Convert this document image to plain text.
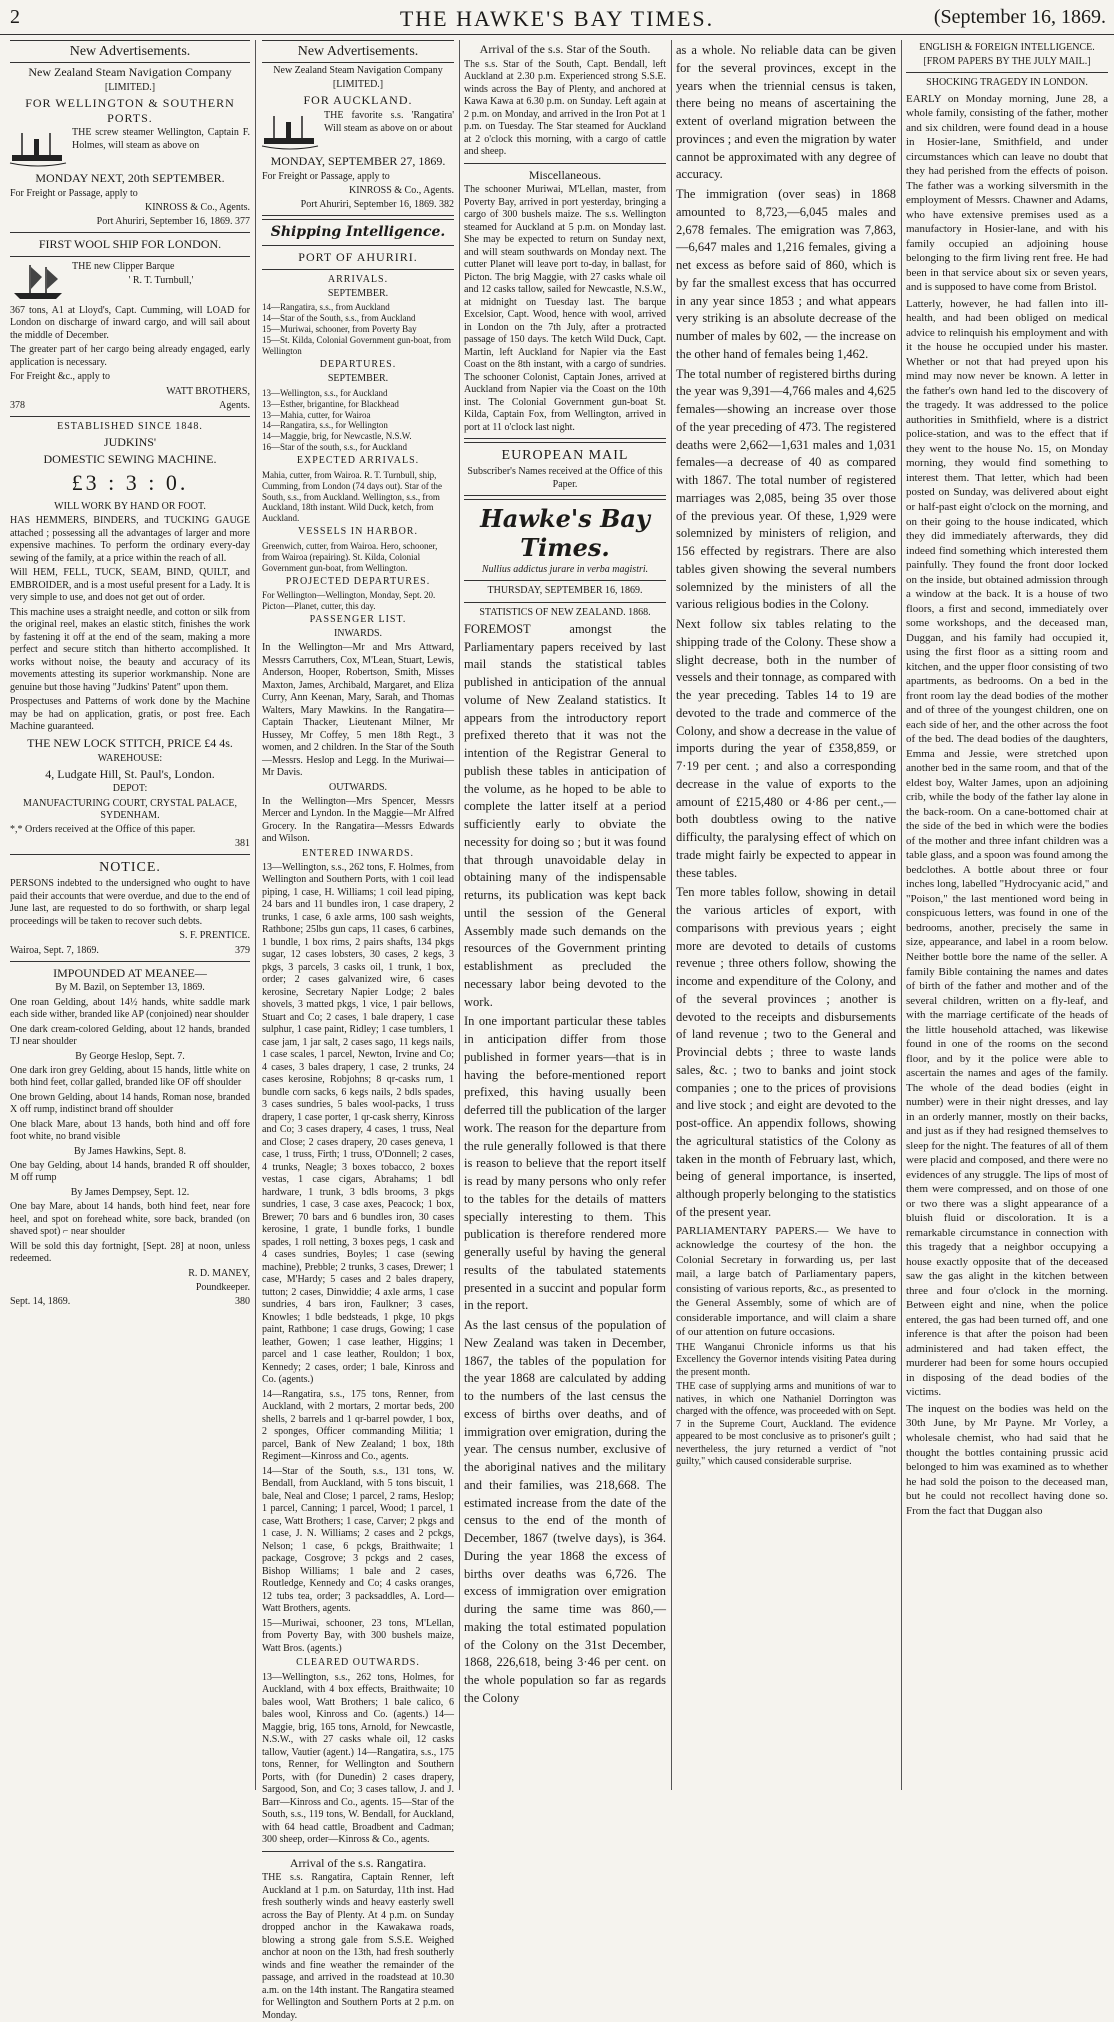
2	THE HAWKE'S BAY TIMES.	(September 16, 1869.
New Advertisements.
New Zealand Steam Navigation Company
[LIMITED.]
FOR WELLINGTON & SOUTHERN PORTS.

THE screw steamer Wellington, Captain F. Holmes, will steam as above on

MONDAY NEXT, 20th SEPTEMBER.

For Freight or Passage, apply to

KINROSS & Co., Agents.

Port Ahuriri, September 16, 1869. 377

FIRST WOOL SHIP FOR LONDON.

THE new Clipper Barque

' R. T. Turnbull,'

367 tons, A1 at Lloyd's, Capt. Cumming, will LOAD for London on discharge of inward cargo, and will sail about the middle of December.

The greater part of her cargo being already engaged, early application is necessary.

For Freight &c., apply to

WATT BROTHERS,

378	Agents.

ESTABLISHED SINCE 1848.
JUDKINS'
DOMESTIC SEWING MACHINE.
£3 : 3 : 0.
WILL WORK BY HAND OR FOOT.

HAS HEMMERS, BINDERS, and TUCKING GAUGE attached ; possessing all the advantages of larger and more expensive machines. To perform the ordinary every-day sewing of the family, at a price within the reach of all.

Will HEM, FELL, TUCK, SEAM, BIND, QUILT, and EMBROIDER, and is a most useful present for a Lady. It is very simple to use, and does not get out of order.

This machine uses a straight needle, and cotton or silk from the original reel, makes an elastic stitch, finishes the work by fastening it off at the end of the seam, making a more perfect and secure stitch than hitherto accomplished. It works without noise, the beauty and accuracy of its movements attesting its superior workmanship. None are genuine but those having "Judkins' Patent" upon them.

Prospectuses and Patterns of work done by the Machine may be had on application, gratis, or post free. Each Machine guaranteed.

THE NEW LOCK STITCH, PRICE £4 4s.
WAREHOUSE:
4, Ludgate Hill, St. Paul's, London.
DEPOT:
MANUFACTURING COURT, CRYSTAL PALACE, SYDENHAM.

*,* Orders received at the Office of this paper.

381

NOTICE.

PERSONS indebted to the undersigned who ought to have paid their accounts that were overdue, and due to the end of June last, are requested to do so forthwith, or sharp legal proceedings will be taken to recover such debts.

S. F. PRENTICE.

Wairoa, Sept. 7, 1869.	379

IMPOUNDED AT MEANEE—

By M. Bazil, on September 13, 1869.

One roan Gelding, about 14½ hands, white saddle mark each side wither, branded like AP (conjoined) near shoulder

One dark cream-colored Gelding, about 12 hands, branded TJ near shoulder

By George Heslop, Sept. 7.

One dark iron grey Gelding, about 15 hands, little white on both hind feet, collar galled, branded like OF off shoulder

One brown Gelding, about 14 hands, Roman nose, branded X off rump, indistinct brand off shoulder

One black Mare, about 13 hands, both hind and off fore foot white, no brand visible

By James Hawkins, Sept. 8.

One bay Gelding, about 14 hands, branded R off shoulder, M off rump

By James Dempsey, Sept. 12.

One bay Mare, about 14 hands, both hind feet, near fore heel, and spot on forehead white, sore back, branded (on shaved spot) ⌐ near shoulder

Will be sold this day fortnight, [Sept. 28] at noon, unless redeemed.

R. D. MANEY,

Poundkeeper.

Sept. 14, 1869.	380

New Advertisements.
New Zealand Steam Navigation Company
[LIMITED.]
FOR AUCKLAND.

THE favorite s.s. 'Rangatira' Will steam as above on or about

MONDAY, SEPTEMBER 27, 1869.

For Freight or Passage, apply to

KINROSS & Co., Agents.

Port Ahuriri, September 16, 1869. 382

Shipping Intelligence.
PORT OF AHURIRI.
ARRIVALS.
SEPTEMBER.
14—Rangatira, s.s., from Auckland
14—Star of the South, s.s., from Auckland
15—Muriwai, schooner, from Poverty Bay
15—St. Kilda, Colonial Government gun-boat, from Wellington
DEPARTURES.
SEPTEMBER.
13—Wellington, s.s., for Auckland
13—Esther, brigantine, for Blackhead
13—Mahia, cutter, for Wairoa
14—Rangatira, s.s., for Wellington
14—Maggie, brig, for Newcastle, N.S.W.
16—Star of the south, s.s., for Auckland
EXPECTED ARRIVALS.

Mahia, cutter, from Wairoa. R. T. Turnbull, ship, Cumming, from London (74 days out). Star of the South, s.s., from Auckland. Wellington, s.s., from Auckland, 18th instant. Wild Duck, ketch, from Auckland.

VESSELS IN HARBOR.

Greenwich, cutter, from Wairoa. Hero, schooner, from Wairoa (repairing). St. Kilda, Colonial Government gun-boat, from Wellington.

PROJECTED DEPARTURES.

For Wellington—Wellington, Monday, Sept. 20. Picton—Planet, cutter, this day.

PASSENGER LIST.
INWARDS.

In the Wellington—Mr and Mrs Attward, Messrs Carruthers, Cox, M'Lean, Stuart, Lewis, Anderson, Hooper, Robertson, Smith, Misses Maxton, James, Archibald, Margaret, and Eliza Curry, Ann Keenan, Mary, Sarah, and Thomas Walters, Mary Mawkins. In the Rangatira—Captain Thacker, Lieutenant Milner, Mr Hussey, Mr Coffey, 5 men 18th Regt., 3 women, and 2 children. In the Star of the South—Messrs. Heslop and Legg. In the Muriwai—Mr Davis.

OUTWARDS.

In the Wellington—Mrs Spencer, Messrs Mercer and Lyndon. In the Maggie—Mr Alfred Grocery. In the Rangatira—Messrs Edwards and Wilson.

ENTERED INWARDS.

13—Wellington, s.s., 262 tons, F. Holmes, from Wellington and Southern Ports, with 1 coil lead piping, 1 case, H. Williams; 1 coil lead piping, 24 bars and 11 bundles iron, 1 case drapery, 2 trunks, 1 case, 6 axle arms, 100 sash weights, Rathbone; 25lbs gun caps, 11 cases, 6 carbines, 1 bundle, 1 box rims, 2 pairs shafts, 134 pkgs sugar, 12 cases lobsters, 30 cases, 2 kegs, 3 pkgs, 3 parcels, 3 casks oil, 1 trunk, 1 box, order; 2 cases galvanized wire, 6 cases kerosine, Secretary Napier Lodge; 2 bales shovels, 3 matted pkgs, 1 vice, 1 pair bellows, Stuart and Co; 2 cases, 1 bale drapery, 1 case sulphur, 1 case paint, Ridley; 1 case tumblers, 1 case jam, 1 jar salt, 2 cases sago, 11 kegs nails, 1 case scales, 1 parcel, Newton, Irvine and Co; 4 cases, 3 bales drapery, 1 case, 2 trunks, 24 cases kerosine, Robjohns; 8 qr-casks rum, 1 bundle corn sacks, 6 kegs nails, 2 bdls spades, 3 cases sundries, 5 bales wool-packs, 1 truss drapery, 1 case porter, 1 qr-cask sherry, Kinross and Co; 3 cases drapery, 4 cases, 1 truss, Neal and Close; 2 cases drapery, 20 cases geneva, 1 case, 1 truss, Firth; 1 truss, O'Donnell; 2 cases, 4 trunks, Neagle; 3 boxes tobacco, 2 boxes vestas, 1 case cigars, Abrahams; 1 bdl hardware, 1 trunk, 3 bdls brooms, 3 pkgs sundries, 1 case, 3 case axes, Peacock; 1 box, Brewer; 70 bars and 6 bundles iron, 30 cases kerosine, 1 grate, 1 bundle forks, 1 bundle spades, 1 roll netting, 3 boxes pegs, 1 cask and 4 cases sundries, Boyles; 1 case (sewing machine), Prebble; 2 trunks, 3 cases, Drewer; 1 case, M'Hardy; 5 cases and 2 bales drapery, tutton; 2 cases, Dinwiddie; 4 axle arms, 1 case sundries, 4 bars iron, Faulkner; 3 cases, Knowles; 1 bdle bedsteads, 1 pkge, 10 pkgs paint, Rathbone; 1 case drugs, Gowing; 1 case leather, Gowen; 1 case leather, Higgins; 1 parcel and 1 case leather, Rouldon; 1 box, Kennedy; 2 cases, order; 1 bale, Kinross and Co. (agents.)

14—Rangatira, s.s., 175 tons, Renner, from Auckland, with 2 mortars, 2 mortar beds, 200 shells, 2 barrels and 1 qr-barrel powder, 1 box, 2 sponges, Officer commanding Militia; 1 parcel, Bank of New Zealand; 1 box, 18th Regiment—Kinross and Co., agents.

14—Star of the South, s.s., 131 tons, W. Bendall, from Auckland, with 5 tons biscuit, 1 bale, Neal and Close; 1 parcel, 2 rams, Heslop; 1 parcel, Canning; 1 parcel, Wood; 1 parcel, 1 case, Watt Brothers; 1 case, Carver; 2 pkgs and 1 case, J. N. Williams; 2 cases and 2 pckgs, Nelson; 1 case, 6 pckgs, Braithwaite; 1 package, Cosgrove; 3 pckgs and 2 cases, Bishop Williams; 1 bale and 2 cases, Routledge, Kennedy and Co; 4 casks oranges, 12 tubs tea, order; 3 packsaddles, A. Lord—Watt Brothers, agents.

15—Muriwai, schooner, 23 tons, M'Lellan, from Poverty Bay, with 300 bushels maize, Watt Bros. (agents.)

CLEARED OUTWARDS.

13—Wellington, s.s., 262 tons, Holmes, for Auckland, with 4 box effects, Braithwaite; 10 bales wool, Watt Brothers; 1 bale calico, 6 bales wool, Kinross and Co. (agents.) 14—Maggie, brig, 165 tons, Arnold, for Newcastle, N.S.W., with 27 casks whale oil, 12 casks tallow, Vautier (agent.) 14—Rangatira, s.s., 175 tons, Renner, for Wellington and Southern Ports, with (for Dunedin) 2 cases drapery, Sargood, Son, and Co; 3 cases tallow, J. and J. Barr—Kinross and Co., agents. 15—Star of the South, s.s., 119 tons, W. Bendall, for Auckland, with 64 head cattle, Broadbent and Cadman; 300 sheep, order—Kinross & Co., agents.

Arrival of the s.s. Rangatira.

THE s.s. Rangatira, Captain Renner, left Auckland at 1 p.m. on Saturday, 11th inst. Had fresh southerly winds and heavy easterly swell across the Bay of Plenty. At 4 p.m. on Sunday dropped anchor in the Kawakawa roads, blowing a strong gale from S.S.E. Weighed anchor at noon on the 13th, had fresh southerly winds and fine weather the remainder of the passage, and arrived in the roadstead at 10.30 a.m. on the 14th instant. The Rangatira steamed for Wellington and Southern Ports at 2 p.m. on Monday.

Arrival of the s.s. Star of the South.

The s.s. Star of the South, Capt. Bendall, left Auckland at 2.30 p.m. Experienced strong S.S.E. winds across the Bay of Plenty, and anchored at Kawa Kawa at 6.30 p.m. on Sunday. Left again at 2 p.m. on Monday, and arrived in the Iron Pot at 1 p.m. on Tuesday. The Star steamed for Auckland at 2 o'clock this morning, with a cargo of cattle and sheep.

Miscellaneous.

The schooner Muriwai, M'Lellan, master, from Poverty Bay, arrived in port yesterday, bringing a cargo of 300 bushels maize. The s.s. Wellington steamed for Auckland at 5 p.m. on Monday last. She may be expected to return on Sunday next, and will steam southwards on Monday next. The cutter Planet will leave port to-day, in ballast, for Picton. The brig Maggie, with 27 casks whale oil and 12 casks tallow, sailed for Newcastle, N.S.W., at midnight on Tuesday last. The barque Excelsior, Capt. Wood, hence with wool, arrived in London on the 7th July, after a protracted passage of 150 days. The ketch Wild Duck, Capt. Martin, left Auckland for Napier via the East Coast on the 8th instant, with a cargo of sundries. The schooner Colonist, Captain Jones, arrived at Auckland from Napier via the Coast on the 10th inst. The Colonial Government gun-boat St. Kilda, Captain Fox, from Wellington, arrived in port at 11 o'clock last night.

EUROPEAN MAIL
Subscriber's Names received at the Office of this Paper.
Hawke's Bay Times.
Nullius addictus jurare in verba magistri.
THURSDAY, SEPTEMBER 16, 1869.
STATISTICS OF NEW ZEALAND. 1868.

FOREMOST amongst the Parliamentary papers received by last mail stands the statistical tables published in anticipation of the annual volume of New Zealand statistics. It appears from the introductory report prefixed thereto that it was not the intention of the Registrar General to publish these tables in anticipation of the volume, as he hoped to be able to complete the latter itself at a period sufficiently early to obviate the necessity for doing so ; but it was found that through unavoidable delay in obtaining many of the indispensable returns, its publication was kept back until the session of the General Assembly made such demands on the resources of the Government printing establishment as precluded the necessary labor being devoted to the work.

In one important particular these tables in anticipation differ from those published in former years—that is in having the before-mentioned report prefixed, this having usually been deferred till the publication of the larger work. The reason for the departure from the rule generally followed is that there is reason to believe that the report itself is read by many persons who only refer to the tables for the details of matters specially interesting to them. This publication is therefore rendered more generally useful by having the general results of the tabulated statements presented in a succint and popular form in the report.

As the last census of the population of New Zealand was taken in December, 1867, the tables of the population for the year 1868 are calculated by adding to the numbers of the last census the excess of births over deaths, and of immigration over emigration, during the year. The census number, exclusive of the aboriginal natives and the military and their families, was 218,668. The estimated increase from the date of the census to the end of the month of December, 1867 (twelve days), is 364. During the year 1868 the excess of births over deaths was 6,726. The excess of immigration over emigration during the same time was 860,—making the total estimated population of the Colony on the 31st December, 1868, 226,618, being 3·46 per cent. on the whole population so far as regards the Colony

as a whole. No reliable data can be given for the several provinces, except in the years when the triennial census is taken, there being no means of ascertaining the extent of overland migration between the provinces ; and even the migration by water cannot be approximated with any degree of accuracy.

The immigration (over seas) in 1868 amounted to 8,723,—6,045 males and 2,678 females. The emigration was 7,863,—6,647 males and 1,216 females, giving a net excess as before said of 860, which is by far the smallest excess that has occurred in any year since 1853 ; and what appears very striking is an absolute decrease of the number of males by 602, — the increase on the other hand of females being 1,462.

The total number of registered births during the year was 9,391—4,766 males and 4,625 females—showing an increase over those of the year preceding of 473. The registered deaths were 2,662—1,631 males and 1,031 females—a decrease of 40 as compared with 1867. The total number of registered marriages was 2,085, being 35 over those of the previous year. Of these, 1,929 were solemnized by ministers of religion, and 156 effected by registrars. There are also tables given showing the several numbers solemnized by the ministers of all the various religious bodies in the Colony.

Next follow six tables relating to the shipping trade of the Colony. These show a slight decrease, both in the number of vessels and their tonnage, as compared with the year preceding. Tables 14 to 19 are devoted to the trade and commerce of the Colony, and show a decrease in the value of imports during the year of £358,859, or 7·19 per cent. ; and also a corresponding decrease in the value of exports to the amount of £215,480 or 4·86 per cent.,—both doubtless owing to the native difficulty, the paralysing effect of which on trade might fairly be expected to appear in these tables.

Ten more tables follow, showing in detail the various articles of export, with comparisons with previous years ; eight more are devoted to details of customs revenue ; three others follow, showing the income and expenditure of the Colony, and of the several provinces ; another is devoted to the receipts and disbursements of land revenue ; two to the General and Provincial debts ; three to waste lands sales, &c. ; two to banks and joint stock companies ; one to the prices of provisions and live stock ; and eight are devoted to the post-office. An appendix follows, showing the agricultural statistics of the Colony as taken in the month of February last, which, being of general importance, is inserted, although properly belonging to the statistics of the present year.

PARLIAMENTARY PAPERS.— We have to acknowledge the courtesy of the hon. the Colonial Secretary in forwarding us, per last mail, a large batch of Parliamentary papers, consisting of various reports, &c., as presented to the General Assembly, some of which are of considerable importance, and will claim a share of our attention on future occasions.

THE Wanganui Chronicle informs us that his Excellency the Governor intends visiting Patea during the present month.

THE case of supplying arms and munitions of war to natives, in which one Nathaniel Dorrington was charged with the offence, was proceeded with on Sept. 7 in the Supreme Court, Auckland. The evidence appeared to be most conclusive as to prisoner's guilt ; nevertheless, the jury returned a verdict of "not guilty," which caused considerable surprise.

ENGLISH & FOREIGN INTELLIGENCE.
[FROM PAPERS BY THE JULY MAIL.]
SHOCKING TRAGEDY IN LONDON.

EARLY on Monday morning, June 28, a whole family, consisting of the father, mother and six children, were found dead in a house in Hosier-lane, Smithfield, and under circumstances which can leave no doubt that they had perished from the effects of poison. The father was a working silversmith in the employment of Messrs. Chawner and Adams, who have extensive premises used as a manufactory in Hosier-lane, and with his family occupied an adjoining house belonging to the firm living rent free. He had been in that service about six or seven years, and is supposed to have come from Bristol.

Latterly, however, he had fallen into ill-health, and had been obliged on medical advice to relinquish his employment and with it the house he occupied under his master. Whether or not that had preyed upon his mind may now never be known. A letter in the father's own hand led to the discovery of the tragedy. It was addressed to the police authorities in Smithfield, where is a district police-station, and was to the effect that if they went to the house No. 15, on Monday morning, they would find something to interest them. That letter, which had been posted on Sunday, was delivered about eight or half-past eight o'clock on the morning, and on their going to the house indicated, which they did immediately afterwards, they did indeed find something which interested them painfully. They found the front door locked on the inside, but obtained admission through a window at the back. It is a house of two floors, a first and second, immediately over some workshops, and the deceased man, Duggan, and his family had occupied it, using the first floor as a sitting room and kitchen, and the upper floor consisting of two apartments, as bedrooms. On a bed in the front room lay the dead bodies of the mother and of three of the youngest children, one on each side of her, and the other across the foot of the bed. The dead bodies of the daughters, Emma and Jessie, were stretched upon another bed in the same room, and that of the eldest boy, Walter James, upon an adjoining crib, while the body of the father lay alone in the back-room. On a cane-bottomed chair at the side of the bed in which were the bodies of the mother and three infant children was a table glass, and a spoon was found among the bedclothes. A bottle about three or four inches long, labelled "Hydrocyanic acid," and "Poison," the last mentioned word being in conspicuous letters, was found in one of the bedrooms, another, precisely the same in size, appearance, and label in a room below. Neither bottle bore the name of the seller. A family Bible containing the names and dates of birth of the father and mother and of the several children, written on a fly-leaf, and with the marriage certificate of the heads of the little household attached, was likewise found in one of the rooms on the second floor, and by it the police were able to ascertain the names and ages of the family. The whole of the dead bodies (eight in number) were in their night dresses, and lay in an orderly manner, mostly on their backs, and just as if they had resigned themselves to sleep for the night. The features of all of them were placid and composed, and there were no evidences of any struggle. The lips of most of them were compressed, and on those of one or two there was a slight appearance of a bluish fluid or discoloration. It is a remarkable circumstance in connection with this tragedy that a neighbor occupying a house exactly opposite that of the deceased saw the gas alight in the kitchen between three and four o'clock in the morning. Between eight and nine, when the police entered, the gas had been turned off, and one inference is that after the poison had been administered and had taken effect, the murderer had been for some hours occupied in disposing of the dead bodies of the victims.

The inquest on the bodies was held on the 30th June, by Mr Payne. Mr Vorley, a wholesale chemist, who had said that he thought the bottles containing prussic acid belonged to him was examined as to whether he had sold the poison to the deceased man, but he could not recollect having done so. From the fact that Duggan also
